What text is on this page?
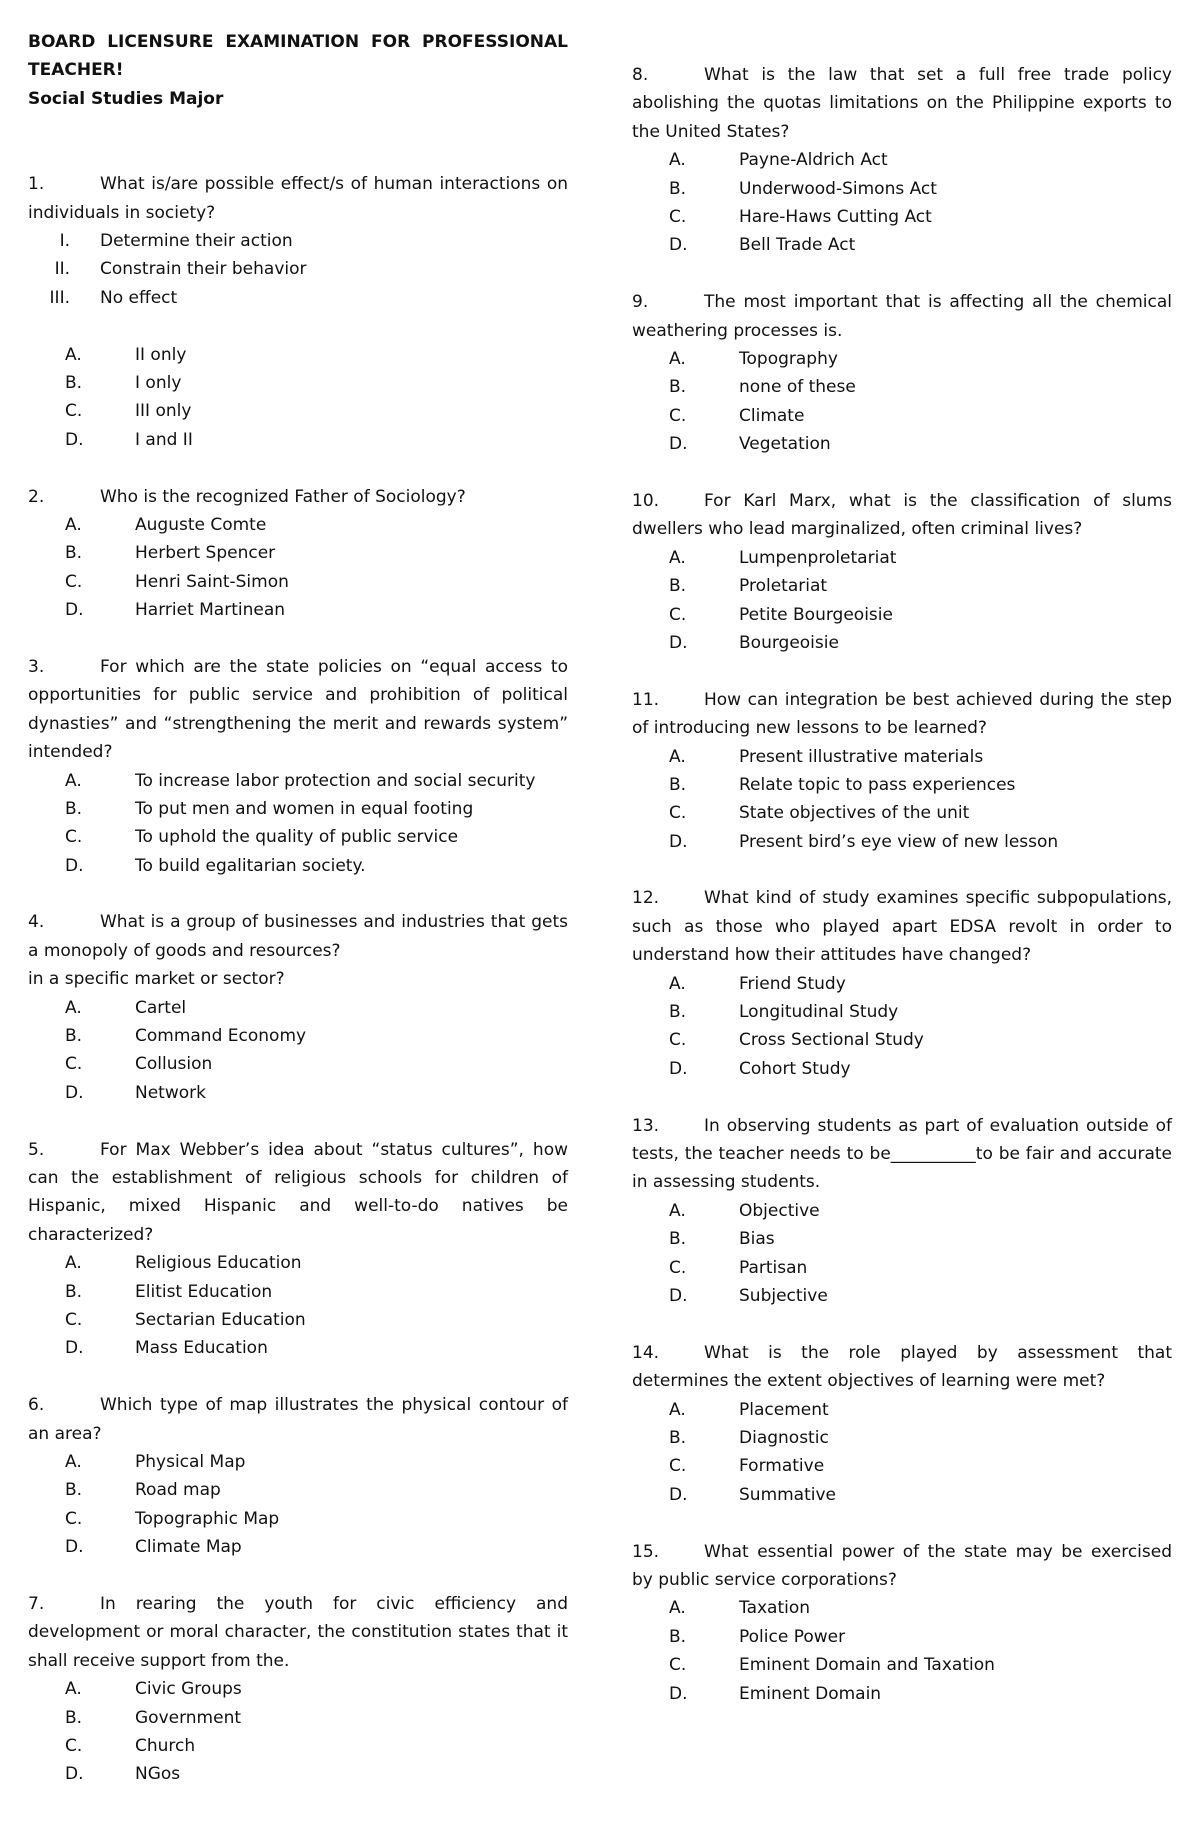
BOARD LICENSURE EXAMINATION FOR PROFESSIONAL TEACHER!
Social Studies Major
1.	What is/are possible effect/s of human interactions on individuals in society?
I.	Determine their action
II.	Constrain their behavior
III.	No effect
A.	II only
B.	I only
C.	III only
D.	I and II
2.	Who is the recognized Father of Sociology?
A.	Auguste Comte
B.	Herbert Spencer
C.	Henri Saint-Simon
D.	Harriet Martinean
3.	For which are the state policies on “equal access to opportunities for public service and prohibition of political dynasties” and “strengthening the merit and rewards system” intended?
A.	To increase labor protection and social security
B.	To put men and women in equal footing
C.	To uphold the quality of public service
D.	To build egalitarian society.
4.	What is a group of businesses and industries that gets a monopoly of goods and resources?
in a specific market or sector?
A.	Cartel
B.	Command Economy
C.	Collusion
D.	Network
5.	For Max Webber’s idea about “status cultures”, how can the establishment of religious schools for children of Hispanic, mixed Hispanic and well-to-do natives be characterized?
A.	Religious Education
B.	Elitist Education
C.	Sectarian Education
D.	Mass Education
6.	Which type of map illustrates the physical contour of an area?
A.	Physical Map
B.	Road map
C.	Topographic Map
D.	Climate Map
7.	In rearing the youth for civic efficiency and development or moral character, the constitution states that it shall receive support from the.
A.	Civic Groups
B.	Government
C.	Church
D.	NGos
8.	What is the law that set a full free trade policy abolishing the quotas limitations on the Philippine exports to the United States?
A.	Payne-Aldrich Act
B.	Underwood-Simons Act
C.	Hare-Haws Cutting Act
D.	Bell Trade Act
9.	The most important that is affecting all the chemical weathering processes is.
A.	Topography
B.	none of these
C.	Climate
D.	Vegetation
10.	For Karl Marx, what is the classification of slums dwellers who lead marginalized, often criminal lives?
A.	Lumpenproletariat
B.	Proletariat
C.	Petite Bourgeoisie
D.	Bourgeoisie
11.	How can integration be best achieved during the step of introducing new lessons to be learned?
A.	Present illustrative materials
B.	Relate topic to pass experiences
C.	State objectives of the unit
D.	Present bird’s eye view of new lesson
12.	What kind of study examines specific subpopulations, such as those who played apart EDSA revolt in order to understand how their attitudes have changed?
A.	Friend Study
B.	Longitudinal Study
C.	Cross Sectional Study
D.	Cohort Study
13.	In observing students as part of evaluation outside of tests, the teacher needs to be__________to be fair and accurate in assessing students.
A.	Objective
B.	Bias
C.	Partisan
D.	Subjective
14.	What is the role played by assessment that determines the extent objectives of learning were met?
A.	Placement
B.	Diagnostic
C.	Formative
D.	Summative
15.	What essential power of the state may be exercised by public service corporations?
A.	Taxation
B.	Police Power
C.	Eminent Domain and Taxation
D.	Eminent Domain
